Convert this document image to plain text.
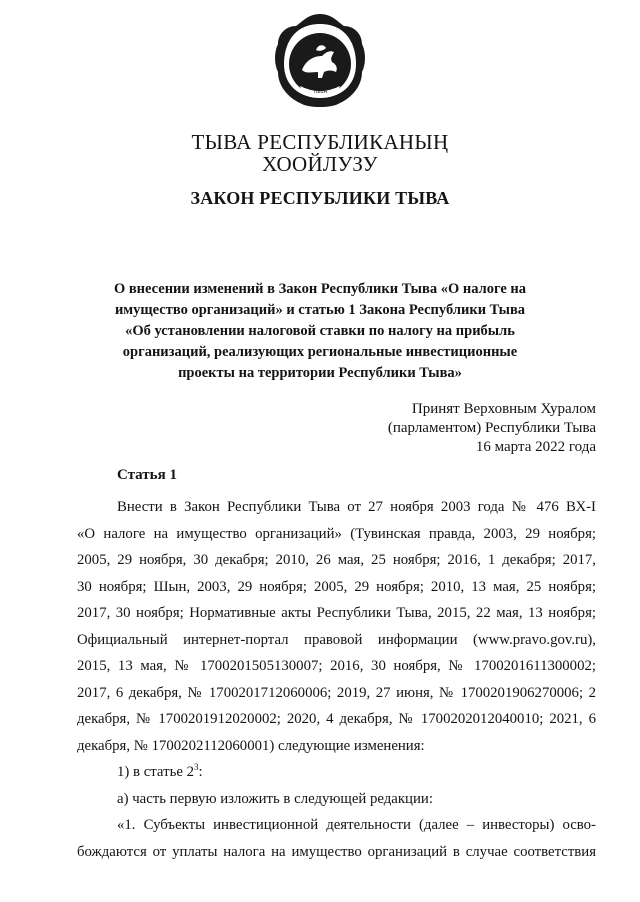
ТЫВА
ТЫВА РЕСПУБЛИКАНЫҢ
ХООЙЛУЗУ
ЗАКОН РЕСПУБЛИКИ ТЫВА
О внесении изменений в Закон Республики Тыва «О налоге на
имущество организаций» и статью 1 Закона Республики Тыва
«Об установлении налоговой ставки по налогу на прибыль
организаций, реализующих региональные инвестиционные
проекты на территории Республики Тыва»
Принят Верховным Хуралом
(парламентом) Республики Тыва
16 марта 2022 года
Статья 1
Внести в Закон Республики Тыва от 27 ноября 2003 года № 476 ВХ-I
«О налоге на имущество организаций» (Тувинская правда, 2003, 29 ноября;
2005, 29 ноября, 30 декабря; 2010, 26 мая, 25 ноября; 2016, 1 декабря; 2017,
30 ноября; Шын, 2003, 29 ноября; 2005, 29 ноября; 2010, 13 мая, 25 ноября;
2017, 30 ноября; Нормативные акты Республики Тыва, 2015, 22 мая, 13 ноября;
Официальный интернет-портал правовой информации (www.pravo.gov.ru),
2015, 13 мая, № 1700201505130007; 2016, 30 ноября, № 1700201611300002;
2017, 6 декабря, № 1700201712060006; 2019, 27 июня, № 1700201906270006; 2
декабря, № 1700201912020002; 2020, 4 декабря, № 1700202012040010; 2021, 6
декабря, № 1700202112060001) следующие изменения:
1) в статье $2^3$:
а) часть первую изложить в следующей редакции:
«1. Субъекты инвестиционной деятельности (далее – инвесторы) осво-
бождаются от уплаты налога на имущество организаций в случае соответствия
